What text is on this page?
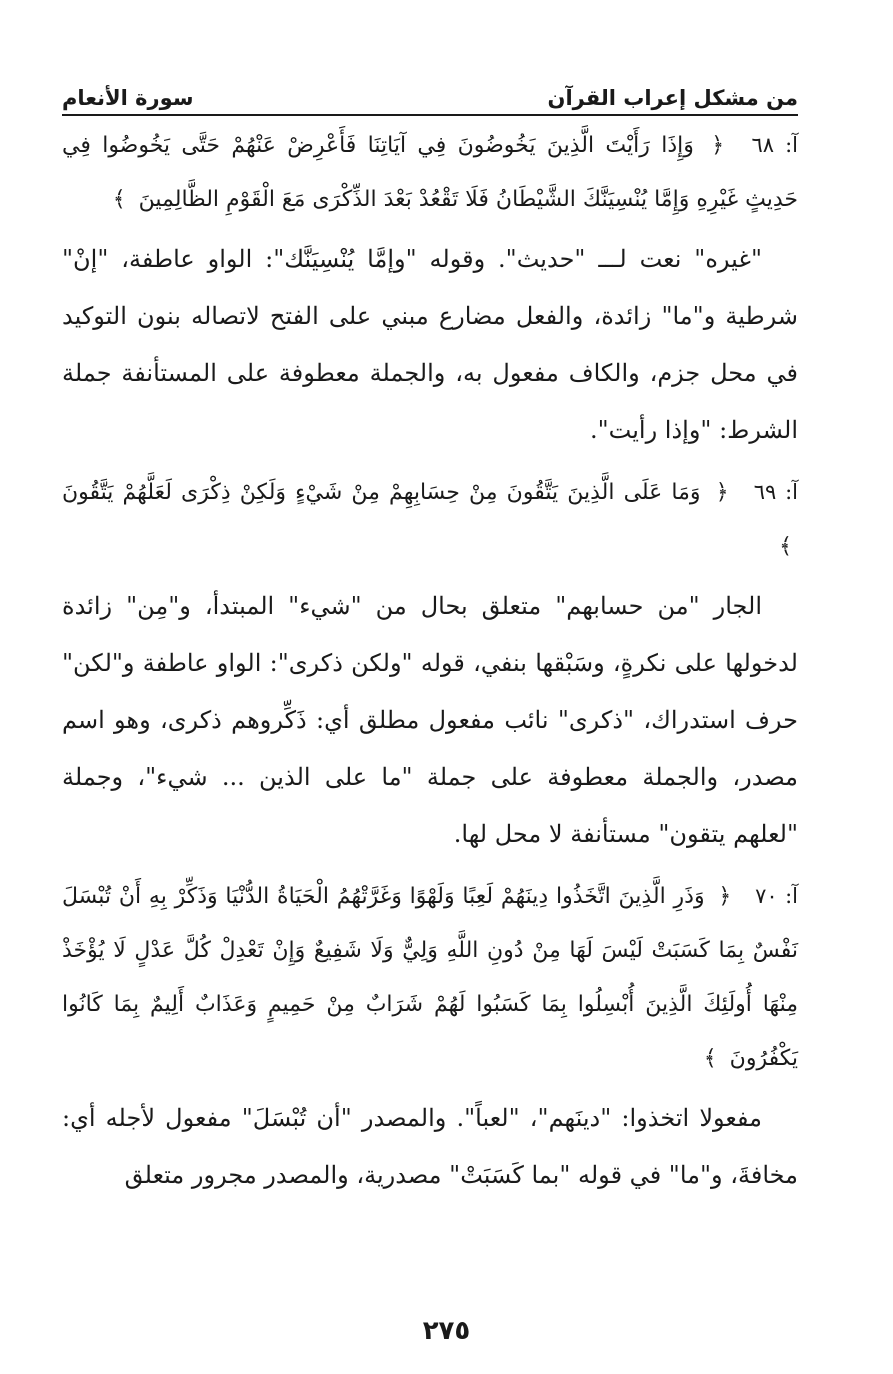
من مشكل إعراب القرآن
سورة الأنعام

آ: ٦٨ ﴿ وَإِذَا رَأَيْتَ الَّذِينَ يَخُوضُونَ فِي آيَاتِنَا فَأَعْرِضْ عَنْهُمْ حَتَّى يَخُوضُوا فِي حَدِيثٍ غَيْرِهِ وَإِمَّا يُنْسِيَنَّكَ الشَّيْطَانُ فَلَا تَقْعُدْ بَعْدَ الذِّكْرَى مَعَ الْقَوْمِ الظَّالِمِينَ ﴾

"غيره" نعت لـــ "حديث". وقوله "وإمَّا يُنْسِيَنَّك": الواو عاطفة، "إنْ" شرطية و"ما" زائدة، والفعل مضارع مبني على الفتح لاتصاله بنون التوكيد في محل جزم، والكاف مفعول به، والجملة معطوفة على المستأنفة جملة الشرط: "وإذا رأيت".

آ: ٦٩ ﴿ وَمَا عَلَى الَّذِينَ يَتَّقُونَ مِنْ حِسَابِهِمْ مِنْ شَيْءٍ وَلَكِنْ ذِكْرَى لَعَلَّهُمْ يَتَّقُونَ ﴾

الجار "من حسابهم" متعلق بحال من "شيء" المبتدأ، و"مِن" زائدة لدخولها على نكرةٍ، وسَبْقها بنفي، قوله "ولكن ذكرى": الواو عاطفة و"لكن" حرف استدراك، "ذكرى" نائب مفعول مطلق أي: ذَكِّروهم ذكرى، وهو اسم مصدر، والجملة معطوفة على جملة "ما على الذين ... شيء"، وجملة "لعلهم يتقون" مستأنفة لا محل لها.

آ: ٧٠ ﴿ وَذَرِ الَّذِينَ اتَّخَذُوا دِينَهُمْ لَعِبًا وَلَهْوًا وَغَرَّتْهُمُ الْحَيَاةُ الدُّنْيَا وَذَكِّرْ بِهِ أَنْ تُبْسَلَ نَفْسٌ بِمَا كَسَبَتْ لَيْسَ لَهَا مِنْ دُونِ اللَّهِ وَلِيٌّ وَلَا شَفِيعٌ وَإِنْ تَعْدِلْ كُلَّ عَدْلٍ لَا يُؤْخَذْ مِنْهَا أُولَئِكَ الَّذِينَ أُبْسِلُوا بِمَا كَسَبُوا لَهُمْ شَرَابٌ مِنْ حَمِيمٍ وَعَذَابٌ أَلِيمٌ بِمَا كَانُوا يَكْفُرُونَ ﴾

مفعولا اتخذوا: "دينَهم"، "لعباً". والمصدر "أن تُبْسَلَ" مفعول لأجله أي: مخافةَ، و"ما" في قوله "بما كَسَبَتْ" مصدرية، والمصدر مجرور متعلق

٢٧٥
